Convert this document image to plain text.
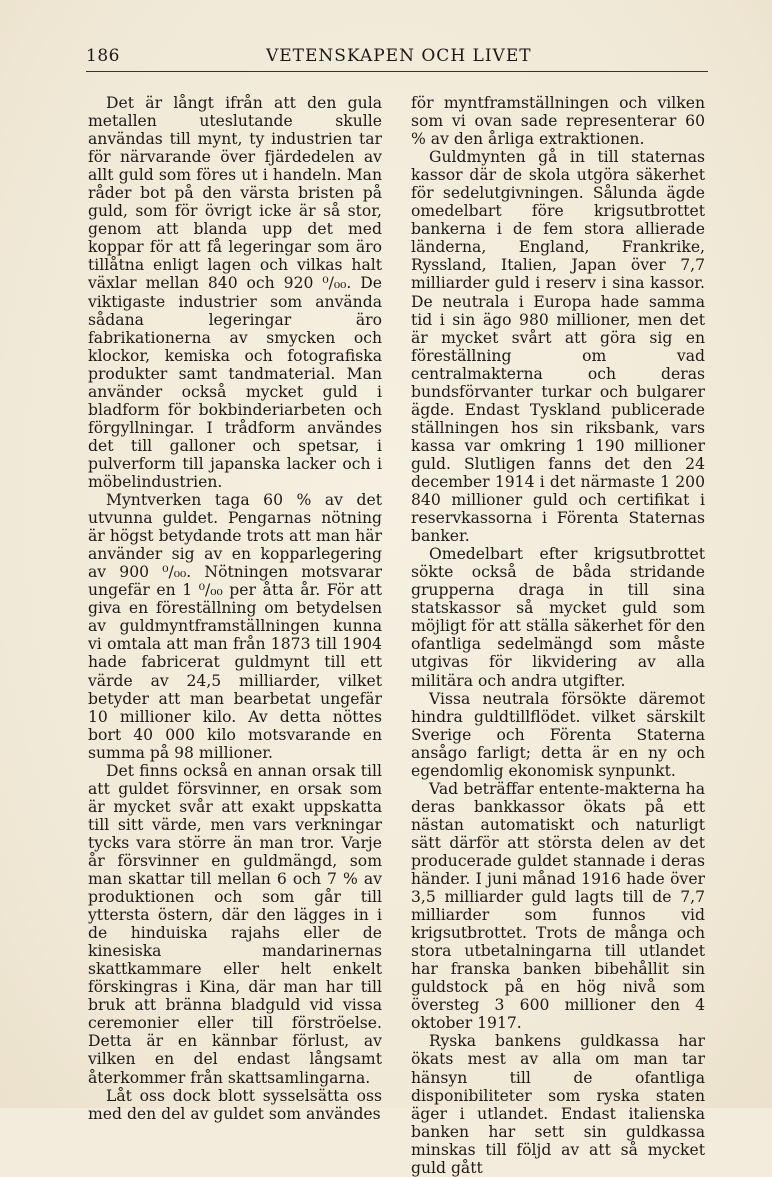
186	VETENSKAPEN OCH LIVET

Det är långt ifrån att den gula metallen uteslutande skulle användas till mynt, ty industrien tar för närvarande över fjärdedelen av allt guld som föres ut i handeln. Man råder bot på den värsta bristen på guld, som för övrigt icke är så stor, genom att blanda upp det med koppar för att få legeringar som äro tillåtna enligt lagen och vilkas halt växlar mellan 840 och 920 ⁰/₀₀. De viktigaste industrier som använda sådana legeringar äro fabrikationerna av smycken och klockor, kemiska och fotografiska produkter samt tandmaterial. Man använder också mycket guld i bladform för bokbinderiarbeten och förgyllningar. I trådform användes det till galloner och spetsar, i pulverform till japanska lacker och i möbelindustrien.

Myntverken taga 60 % av det utvunna guldet. Pengarnas nötning är högst betydande trots att man här använder sig av en kopparlegering av 900 ⁰/₀₀. Nötningen motsvarar ungefär en 1 ⁰/₀₀ per åtta år. För att giva en föreställning om betydelsen av guldmyntframställningen kunna vi omtala att man från 1873 till 1904 hade fabricerat guldmynt till ett värde av 24,5 milliarder, vilket betyder att man bearbetat ungefär 10 millioner kilo. Av detta nöttes bort 40 000 kilo motsvarande en summa på 98 millioner.

Det finns också en annan orsak till att guldet försvinner, en orsak som är mycket svår att exakt uppskatta till sitt värde, men vars verkningar tycks vara större än man tror. Varje år försvinner en guldmängd, som man skattar till mellan 6 och 7 % av produktionen och som går till yttersta östern, där den lägges in i de hinduiska rajahs eller de kinesiska mandarinernas skattkammare eller helt enkelt förskingras i Kina, där man har till bruk att bränna bladguld vid vissa ceremonier eller till förströelse. Detta är en kännbar förlust, av vilken en del endast långsamt återkommer från skattsamlingarna.

Låt oss dock blott sysselsätta oss med den del av guldet som användes

för myntframställningen och vilken som vi ovan sade representerar 60 % av den årliga extraktionen.

Guldmynten gå in till staternas kassor där de skola utgöra säkerhet för sedelutgivningen. Sålunda ägde omedelbart före krigsutbrottet bankerna i de fem stora allierade länderna, England, Frankrike, Ryssland, Italien, Japan över 7,7 milliarder guld i reserv i sina kassor. De neutrala i Europa hade samma tid i sin ägo 980 millioner, men det är mycket svårt att göra sig en föreställning om vad centralmakterna och deras bundsförvanter turkar och bulgarer ägde. Endast Tyskland publicerade ställningen hos sin riksbank, vars kassa var omkring 1 190 millioner guld. Slutligen fanns det den 24 december 1914 i det närmaste 1 200 840 millioner guld och certifikat i reservkassorna i Förenta Staternas banker.

Omedelbart efter krigsutbrottet sökte också de båda stridande grupperna draga in till sina statskassor så mycket guld som möjligt för att ställa säkerhet för den ofantliga sedelmängd som måste utgivas för likvidering av alla militära och andra utgifter.

Vissa neutrala försökte däremot hindra guldtillflödet. vilket särskilt Sverige och Förenta Staterna ansågo farligt; detta är en ny och egendomlig ekonomisk synpunkt.

Vad beträffar entente-makterna ha deras bankkassor ökats på ett nästan automatiskt och naturligt sätt därför att största delen av det producerade guldet stannade i deras händer. I juni månad 1916 hade över 3,5 milliarder guld lagts till de 7,7 milliarder som funnos vid krigsutbrottet. Trots de många och stora utbetalningarna till utlandet har franska banken bibehållit sin guldstock på en hög nivå som översteg 3 600 millioner den 4 oktober 1917.

Ryska bankens guldkassa har ökats mest av alla om man tar hänsyn till de ofantliga disponibiliteter som ryska staten äger i utlandet. Endast italienska banken har sett sin guldkassa minskas till följd av att så mycket guld gått
